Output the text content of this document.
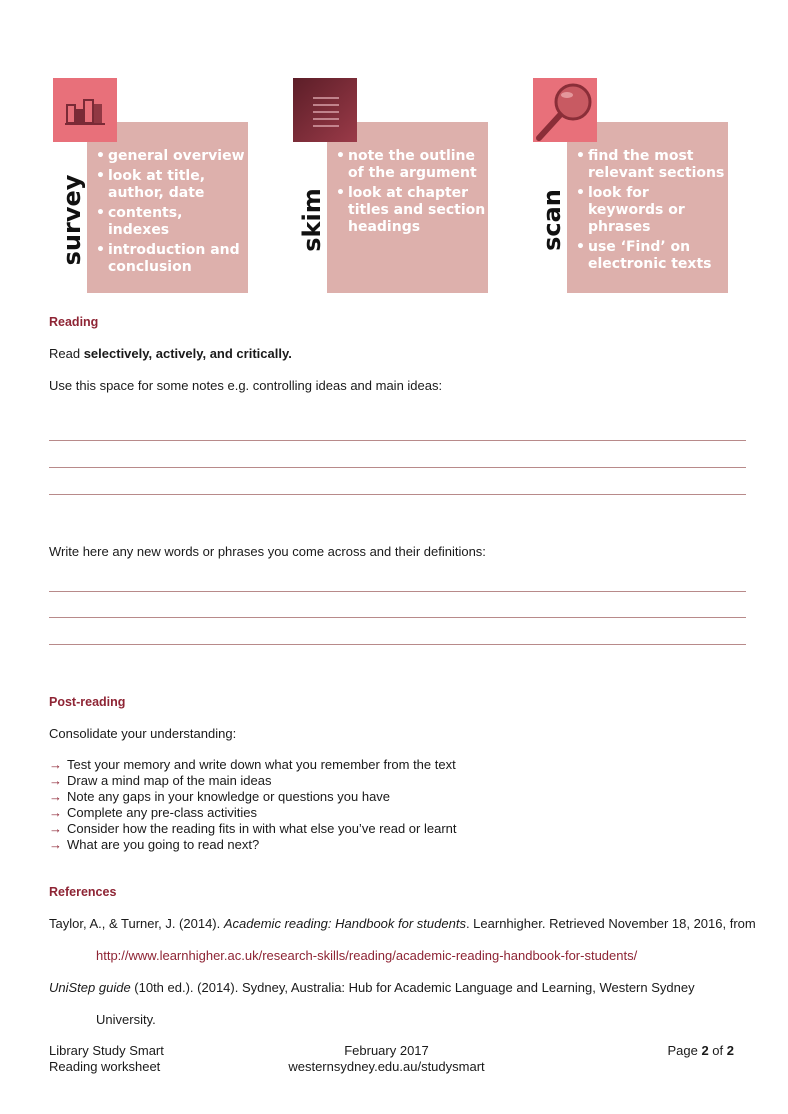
survey
• general overview
• look at title, author, date
• contents, indexes
• introduction and conclusion
skim
• note the outline of the argument
• look at chapter titles and section headings	scan
• find the most relevant sections
• look for keywords or phrases
• use ‘Find’ on electronic texts
Reading
Read selectively, actively, and critically.
Use this space for some notes e.g. controlling ideas and main ideas:
Write here any new words or phrases you come across and their definitions:
Post-reading
Consolidate your understanding:
→ Test your memory and write down what you remember from the text
→ Draw a mind map of the main ideas
→ Note any gaps in your knowledge or questions you have
→ Complete any pre-class activities
→ Consider how the reading fits in with what else you’ve read or learnt
→ What are you going to read next?
References
Taylor, A., & Turner, J. (2014). Academic reading: Handbook for students. Learnhigher. Retrieved November 18, 2016, from
http://www.learnhigher.ac.uk/research-skills/reading/academic-reading-handbook-for-students/
UniStep guide (10th ed.). (2014). Sydney, Australia: Hub for Academic Language and Learning, Western Sydney
University.
Library Study Smart
Reading worksheet
February 2017
westernsydney.edu.au/studysmart
Page 2 of 2
